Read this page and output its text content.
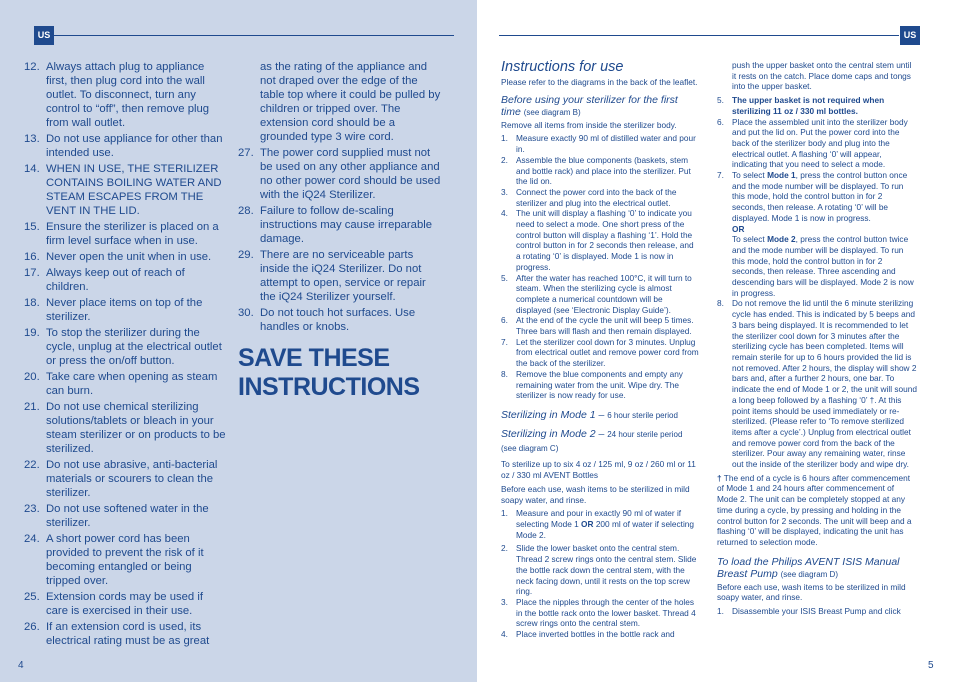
US
12. Always attach plug to appliance first, then plug cord into the wall outlet. To disconnect, turn any control to “off”, then remove plug from wall outlet.
13. Do not use appliance for other than intended use.
14. WHEN IN USE, THE STERILIZER CONTAINS BOILING WATER AND STEAM ESCAPES FROM THE VENT IN THE LID.
15. Ensure the sterilizer is placed on a firm level surface when in use.
16. Never open the unit when in use.
17. Always keep out of reach of children.
18. Never place items on top of the sterilizer.
19. To stop the sterilizer during the cycle, unplug at the electrical outlet or press the on/off button.
20. Take care when opening as steam can burn.
21. Do not use chemical sterilizing solutions/tablets or bleach in your steam sterilizer or on products to be sterilized.
22. Do not use abrasive, anti-bacterial materials or scourers to clean the sterilizer.
23. Do not use softened water in the sterilizer.
24. A short power cord has been provided to prevent the risk of it becoming entangled or being tripped over.
25. Extension cords may be used if care is exercised in their use.
26. If an extension cord is used, its electrical rating must be as great
as the rating of the appliance and not draped over the edge of the table top where it could be pulled by children or tripped over. The extension cord should be a grounded type 3 wire cord.
27. The power cord supplied must not be used on any other appliance and no other power cord should be used with the iQ24 Sterilizer.
28. Failure to follow de-scaling instructions may cause irreparable damage.
29. There are no serviceable parts inside the iQ24 Sterilizer. Do not attempt to open, service or repair the iQ24 Sterilizer yourself.
30. Do not touch hot surfaces. Use handles or knobs.
SAVE THESE
INSTRUCTIONS
4
US
Instructions for use

Please refer to the diagrams in the back of the leaflet.

Before using your sterilizer for the first time (see diagram B)

Remove all items from inside the sterilizer body.

1. Measure exactly 90 ml of distilled water and pour in.
2. Assemble the blue components (baskets, stem and bottle rack) and place into the sterilizer. Put the lid on.
3. Connect the power cord into the back of the sterilizer and plug into the electrical outlet.
4. The unit will display a flashing ‘0’ to indicate you need to select a mode. One short press of the control button will display a flashing ‘1’. Hold the control button in for 2 seconds then release, and a rotating ‘0’ is displayed. Mode 1 is now in progress.
5. After the water has reached 100°C, it will turn to steam. When the sterilizing cycle is almost complete a numerical countdown will be displayed (see ‘Electronic Display Guide’).
6. At the end of the cycle the unit will beep 5 times. Three bars will flash and then remain displayed.
7. Let the sterilizer cool down for 3 minutes. Unplug from electrical outlet and remove power cord from the back of the sterilizer.
8. Remove the blue components and empty any remaining water from the unit. Wipe dry. The sterilizer is now ready for use.
Sterilizing in Mode 1 – 6 hour sterile period
Sterilizing in Mode 2 – 24 hour sterile period (see diagram C)

To sterilize up to six 4 oz / 125 ml, 9 oz / 260 ml or 11 oz / 330 ml AVENT Bottles

Before each use, wash items to be sterilized in mild soapy water, and rinse.

1. Measure and pour in exactly 90 ml of water if selecting Mode 1 OR 200 ml of water if selecting Mode 2.
2. Slide the lower basket onto the central stem. Thread 2 screw rings onto the central stem. Slide the bottle rack down the central stem, with the neck facing down, until it rests on the top screw ring.
3. Place the nipples through the center of the holes in the bottle rack onto the lower basket. Thread 4 screw rings onto the central stem.
4. Place inverted bottles in the bottle rack and

push the upper basket onto the central stem until it rests on the catch. Place dome caps and tongs into the upper basket.

5. The upper basket is not required when sterilizing 11 oz / 330 ml bottles.
6. Place the assembled unit into the sterilizer body and put the lid on. Put the power cord into the back of the sterilizer body and plug into the electrical outlet. A flashing ‘0’ will appear, indicating that you need to select a mode.
7. To select Mode 1, press the control button once and the mode number will be displayed. To run this mode, hold the control button in for 2 seconds, then release. A rotating ‘0’ will be displayed. Mode 1 is now in progress.
OR
To select Mode 2, press the control button twice and the mode number will be displayed. To run this mode, hold the control button in for 2 seconds, then release. Three ascending and descending bars will be displayed. Mode 2 is now in progress.
8. Do not remove the lid until the 6 minute sterilizing cycle has ended. This is indicated by 5 beeps and 3 bars being displayed. It is recommended to let the sterilizer cool down for 3 minutes after the sterilizing cycle has been completed. Items will remain sterile for up to 6 hours provided the lid is not removed. After 2 hours, the display will show 2 bars and, after a further 2 hours, one bar. To indicate the end of Mode 1 or 2, the unit will sound a long beep followed by a flashing ‘0’ †. At this point items should be used immediately or re-sterilized. (Please refer to ‘To remove sterilized items after a cycle’.) Unplug from electrical outlet and remove power cord from the back of the sterilizer. Pour away any remaining water, rinse out the inside of the sterilizer body and wipe dry.

† The end of a cycle is 6 hours after commencement of Mode 1 and 24 hours after commencement of Mode 2. The unit can be completely stopped at any time during a cycle, by pressing and holding in the control button for 2 seconds. The unit will beep and a flashing ‘0’ will be displayed, indicating the unit has returned to selection mode.

To load the Philips AVENT ISIS Manual Breast Pump (see diagram D)

Before each use, wash items to be sterilized in mild soapy water, and rinse.

1. Disassemble your ISIS Breast Pump and click
5
